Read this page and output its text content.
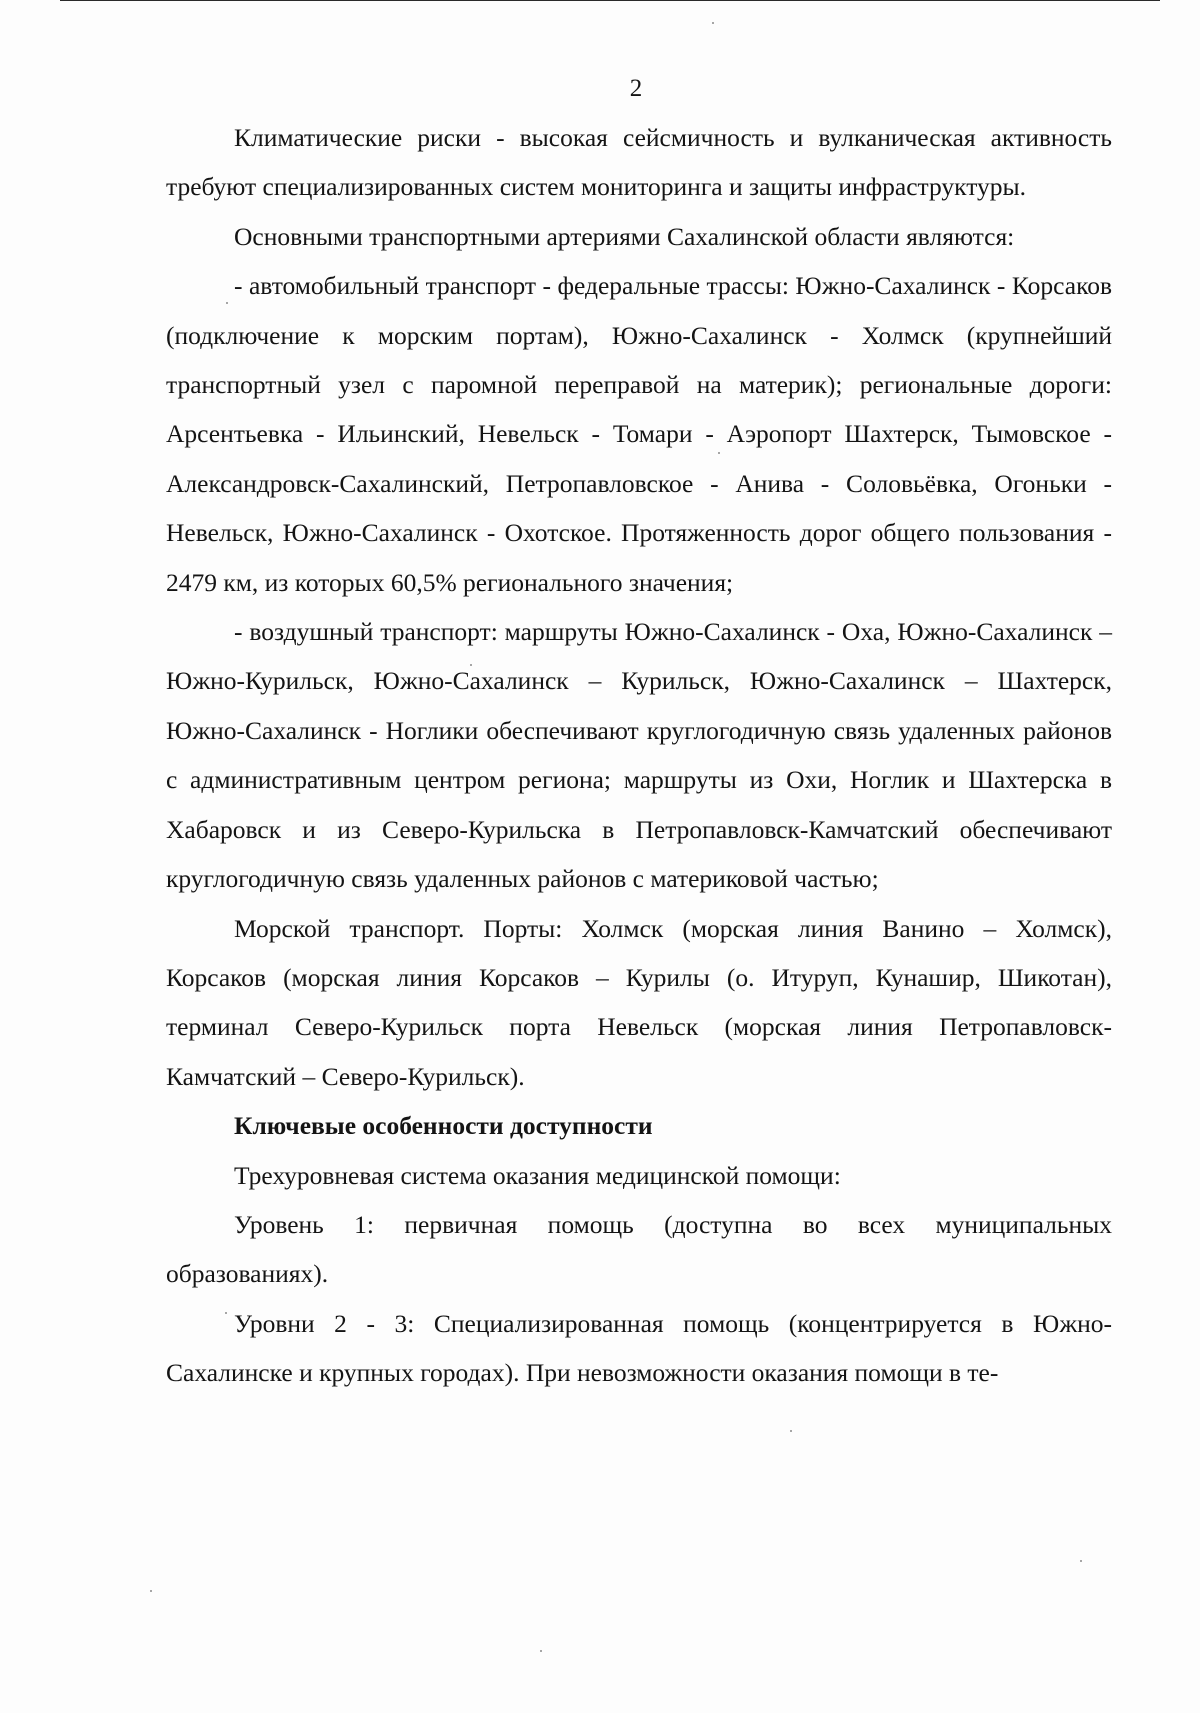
2

Климатические риски - высокая сейсмичность и вулканическая активность требуют специализированных систем мониторинга и защиты инфраструктуры.

Основными транспортными артериями Сахалинской области являются:

- автомобильный транспорт - федеральные трассы: Южно-Сахалинск - Корсаков (подключение к морским портам), Южно-Сахалинск - Холмск (крупнейший транспортный узел с паромной переправой на материк); региональные дороги: Арсентьевка - Ильинский, Невельск - Томари - Аэропорт Шахтерск, Тымовское - Александровск-Сахалинский, Петропавловское - Анива - Соловьёвка, Огоньки - Невельск, Южно-Сахалинск - Охотское. Протяженность дорог общего пользования - 2479 км, из которых 60,5% регионального значения;

- воздушный транспорт: маршруты Южно-Сахалинск - Оха, Южно-Сахалинск – Южно-Курильск, Южно-Сахалинск – Курильск, Южно-Сахалинск – Шахтерск, Южно-Сахалинск - Ноглики обеспечивают круглогодичную связь удаленных районов с административным центром региона; маршруты из Охи, Ноглик и Шахтерска в Хабаровск и из Северо-Курильска в Петропавловск-Камчатский обеспечивают круглогодичную связь удаленных районов с материковой частью;

Морской транспорт. Порты: Холмск (морская линия Ванино – Холмск), Корсаков (морская линия Корсаков – Курилы (о. Итуруп, Кунашир, Шикотан), терминал Северо-Курильск порта Невельск (морская линия Петропавловск-Камчатский – Северо-Курильск).

Ключевые особенности доступности

Трехуровневая система оказания медицинской помощи:

Уровень 1: первичная помощь (доступна во всех муниципальных образованиях).

Уровни 2 - 3: Специализированная помощь (концентрируется в Южно-Сахалинске и крупных городах). При невозможности оказания помощи в те-
